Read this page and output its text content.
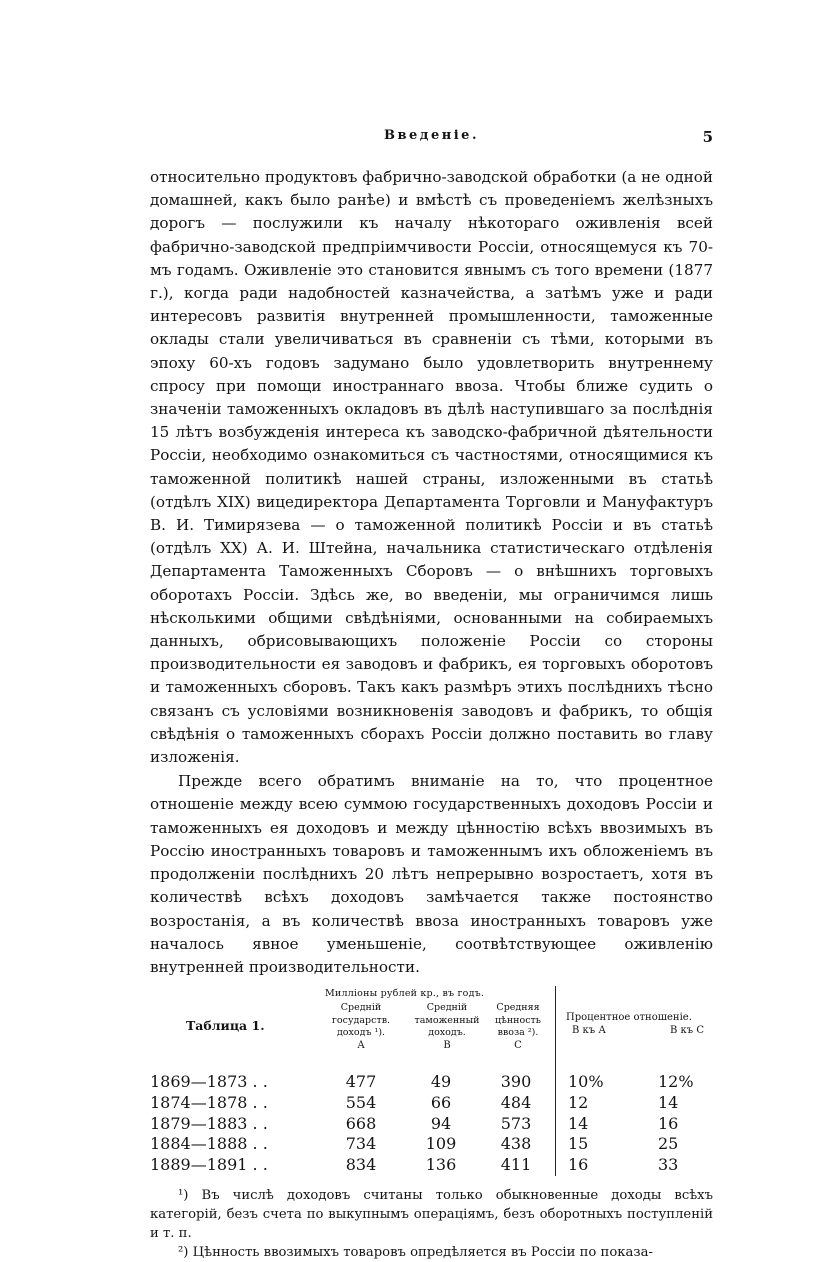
Введеніе.	5

относительно продуктовъ фабрично-заводской обработки (а не одной домашней, какъ было ранѣе) и вмѣстѣ съ проведеніемъ желѣзныхъ дорогъ — послужили къ началу нѣкотораго оживленія всей фабрично-заводской предпріимчивости Россіи, относящемуся къ 70-мъ годамъ. Оживленіе это становится явнымъ съ того времени (1877 г.), когда ради надобностей казначейства, а затѣмъ уже и ради интересовъ развитія внутренней промышленности, таможенные оклады стали увеличиваться въ сравненіи съ тѣми, которыми въ эпоху 60-хъ годовъ задумано было удовлетворить внутреннему спросу при помощи иностраннаго ввоза. Чтобы ближе судить о значеніи таможенныхъ окладовъ въ дѣлѣ наступившаго за послѣднія 15 лѣтъ возбужденія интереса къ заводско-фабричной дѣятельности Россіи, необходимо ознакомиться съ частностями, относящимися къ таможенной политикѣ нашей страны, изложенными въ статьѣ (отдѣлъ XIX) вицедиректора Департамента Торговли и Мануфактуръ В. И. Тимирязева — о таможенной политикѣ Россіи и въ статьѣ (отдѣлъ XX) А. И. Штейна, начальника статистическаго отдѣленія Департамента Таможенныхъ Сборовъ — о внѣшнихъ торговыхъ оборотахъ Россіи. Здѣсь же, во введеніи, мы ограничимся лишь нѣсколькими общими свѣдѣніями, основанными на собираемыхъ данныхъ, обрисовывающихъ положеніе Россіи со стороны производительности ея заводовъ и фабрикъ, ея торговыхъ оборотовъ и таможенныхъ сборовъ. Такъ какъ размѣръ этихъ послѣднихъ тѣсно связанъ съ условіями возникновенія заводовъ и фабрикъ, то общія свѣдѣнія о таможенныхъ сборахъ Россіи должно поставить во главу изложенія.

Прежде всего обратимъ вниманіе на то, что процентное отношеніе между всею суммою государственныхъ доходовъ Россіи и таможенныхъ ея доходовъ и между цѣнностію всѣхъ ввозимыхъ въ Россію иностранныхъ товаровъ и таможеннымъ ихъ обложеніемъ въ продолженіи послѣднихъ 20 лѣтъ непрерывно возростаетъ, хотя въ количествѣ всѣхъ доходовъ замѣчается также постоянство возростанія, а въ количествѣ ввоза иностранныхъ товаровъ уже началось явное уменьшеніе, соотвѣтствующее оживленію внутренней производительности.

Таблица 1.
Милліоны рублей кр., въ годъ.
Средній государств. доходъ ¹).
А
Средній таможенный доходъ.
В
Средняя цѣнность ввоза ²).
С
Процентное отношеніе.
В къ А	В къ С
1869—1873 . .	477	49	390		10%	12%
1874—1878 . .	554	66	484		12	14
1879—1883 . .	668	94	573		14	16
1884—1888 . .	734	109	438		15	25
1889—1891 . .	834	136	411		16	33

¹) Въ числѣ доходовъ считаны только обыкновенные доходы всѣхъ категорій, безъ счета по выкупнымъ операціямъ, безъ оборотныхъ поступленій и т. п.

²) Цѣнность ввозимыхъ товаровъ опредѣляется въ Россіи по показа-
